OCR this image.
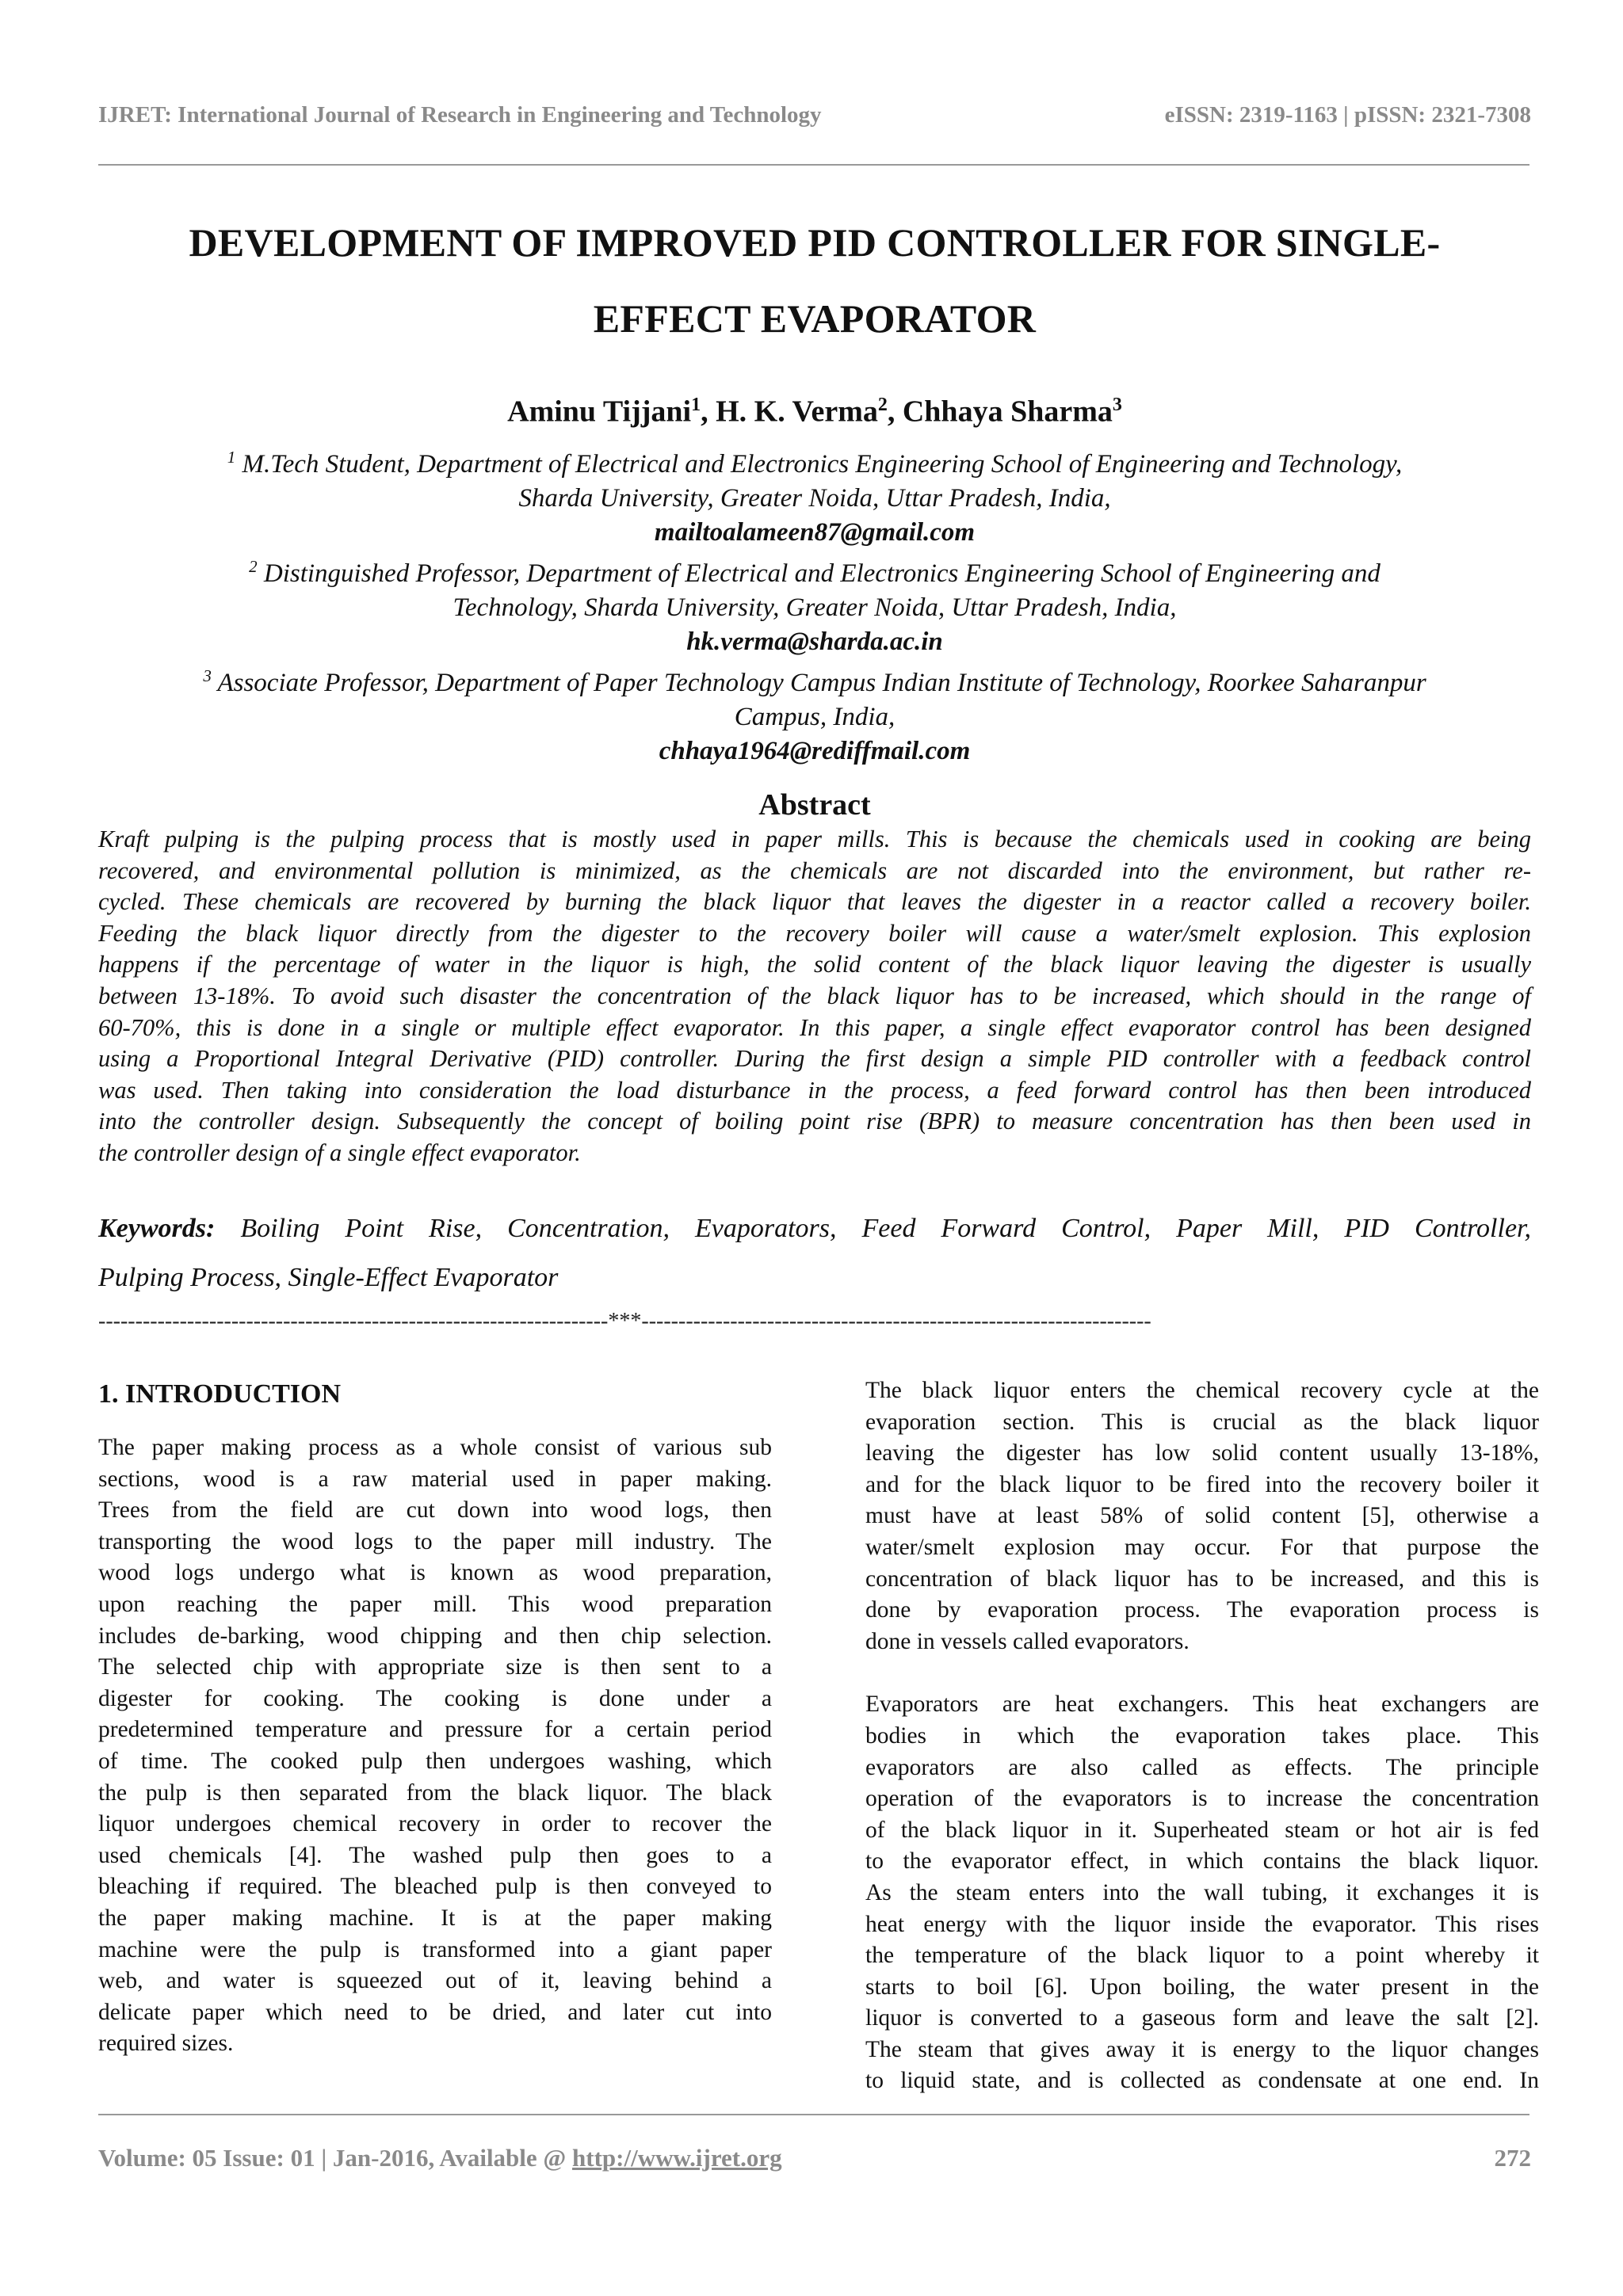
IJRET: International Journal of Research in Engineering and Technology	eISSN: 2319-1163 | pISSN: 2321-7308
DEVELOPMENT OF IMPROVED PID CONTROLLER FOR SINGLE-
EFFECT EVAPORATOR
Aminu Tijjani$^1$, H. K. Verma$^2$, Chhaya Sharma$^3$
$^1$ M.Tech Student, Department of Electrical and Electronics Engineering School of Engineering and Technology,
Sharda University, Greater Noida, Uttar Pradesh, India,
mailtoalameen87@gmail.com
$^2$ Distinguished Professor, Department of Electrical and Electronics Engineering School of Engineering and
Technology, Sharda University, Greater Noida, Uttar Pradesh, India,
hk.verma@sharda.ac.in
$^3$ Associate Professor, Department of Paper Technology Campus Indian Institute of Technology, Roorkee Saharanpur
Campus, India,
chhaya1964@rediffmail.com
Abstract
Kraft pulping is the pulping process that is mostly used in paper mills. This is because the chemicals used in cooking are being
recovered, and environmental pollution is minimized, as the chemicals are not discarded into the environment, but rather re-
cycled. These chemicals are recovered by burning the black liquor that leaves the digester in a reactor called a recovery boiler.
Feeding the black liquor directly from the digester to the recovery boiler will cause a water/smelt explosion. This explosion
happens if the percentage of water in the liquor is high, the solid content of the black liquor leaving the digester is usually
between 13-18%. To avoid such disaster the concentration of the black liquor has to be increased, which should in the range of
60-70%, this is done in a single or multiple effect evaporator. In this paper, a single effect evaporator control has been designed
using a Proportional Integral Derivative (PID) controller. During the first design a simple PID controller with a feedback control
was used. Then taking into consideration the load disturbance in the process, a feed forward control has then been introduced
into the controller design. Subsequently the concept of boiling point rise (BPR) to measure concentration has then been used in
the controller design of a single effect evaporator.
Keywords: Boiling Point Rise, Concentration, Evaporators, Feed Forward Control, Paper Mill, PID Controller,
Pulping Process, Single-Effect Evaporator
---------------------------------------------------------------------***---------------------------------------------------------------------
1. INTRODUCTION
The paper making process as a whole consist of various sub
sections, wood is a raw material used in paper making.
Trees from the field are cut down into wood logs, then
transporting the wood logs to the paper mill industry. The
wood logs undergo what is known as wood preparation,
upon reaching the paper mill. This wood preparation
includes de-barking, wood chipping and then chip selection.
The selected chip with appropriate size is then sent to a
digester for cooking. The cooking is done under a
predetermined temperature and pressure for a certain period
of time. The cooked pulp then undergoes washing, which
the pulp is then separated from the black liquor. The black
liquor undergoes chemical recovery in order to recover the
used chemicals [4]. The washed pulp then goes to a
bleaching if required. The bleached pulp is then conveyed to
the paper making machine. It is at the paper making
machine were the pulp is transformed into a giant paper
web, and water is squeezed out of it, leaving behind a
delicate paper which need to be dried, and later cut into
required sizes.
The black liquor enters the chemical recovery cycle at the
evaporation section. This is crucial as the black liquor
leaving the digester has low solid content usually 13-18%,
and for the black liquor to be fired into the recovery boiler it
must have at least 58% of solid content [5], otherwise a
water/smelt explosion may occur. For that purpose the
concentration of black liquor has to be increased, and this is
done by evaporation process. The evaporation process is
done in vessels called evaporators.
Evaporators are heat exchangers. This heat exchangers are
bodies in which the evaporation takes place. This
evaporators are also called as effects. The principle
operation of the evaporators is to increase the concentration
of the black liquor in it. Superheated steam or hot air is fed
to the evaporator effect, in which contains the black liquor.
As the steam enters into the wall tubing, it exchanges it is
heat energy with the liquor inside the evaporator. This rises
the temperature of the black liquor to a point whereby it
starts to boil [6]. Upon boiling, the water present in the
liquor is converted to a gaseous form and leave the salt [2].
The steam that gives away it is energy to the liquor changes
to liquid state, and is collected as condensate at one end. In
Volume: 05 Issue: 01 | Jan-2016, Available @ http://www.ijret.org	272
